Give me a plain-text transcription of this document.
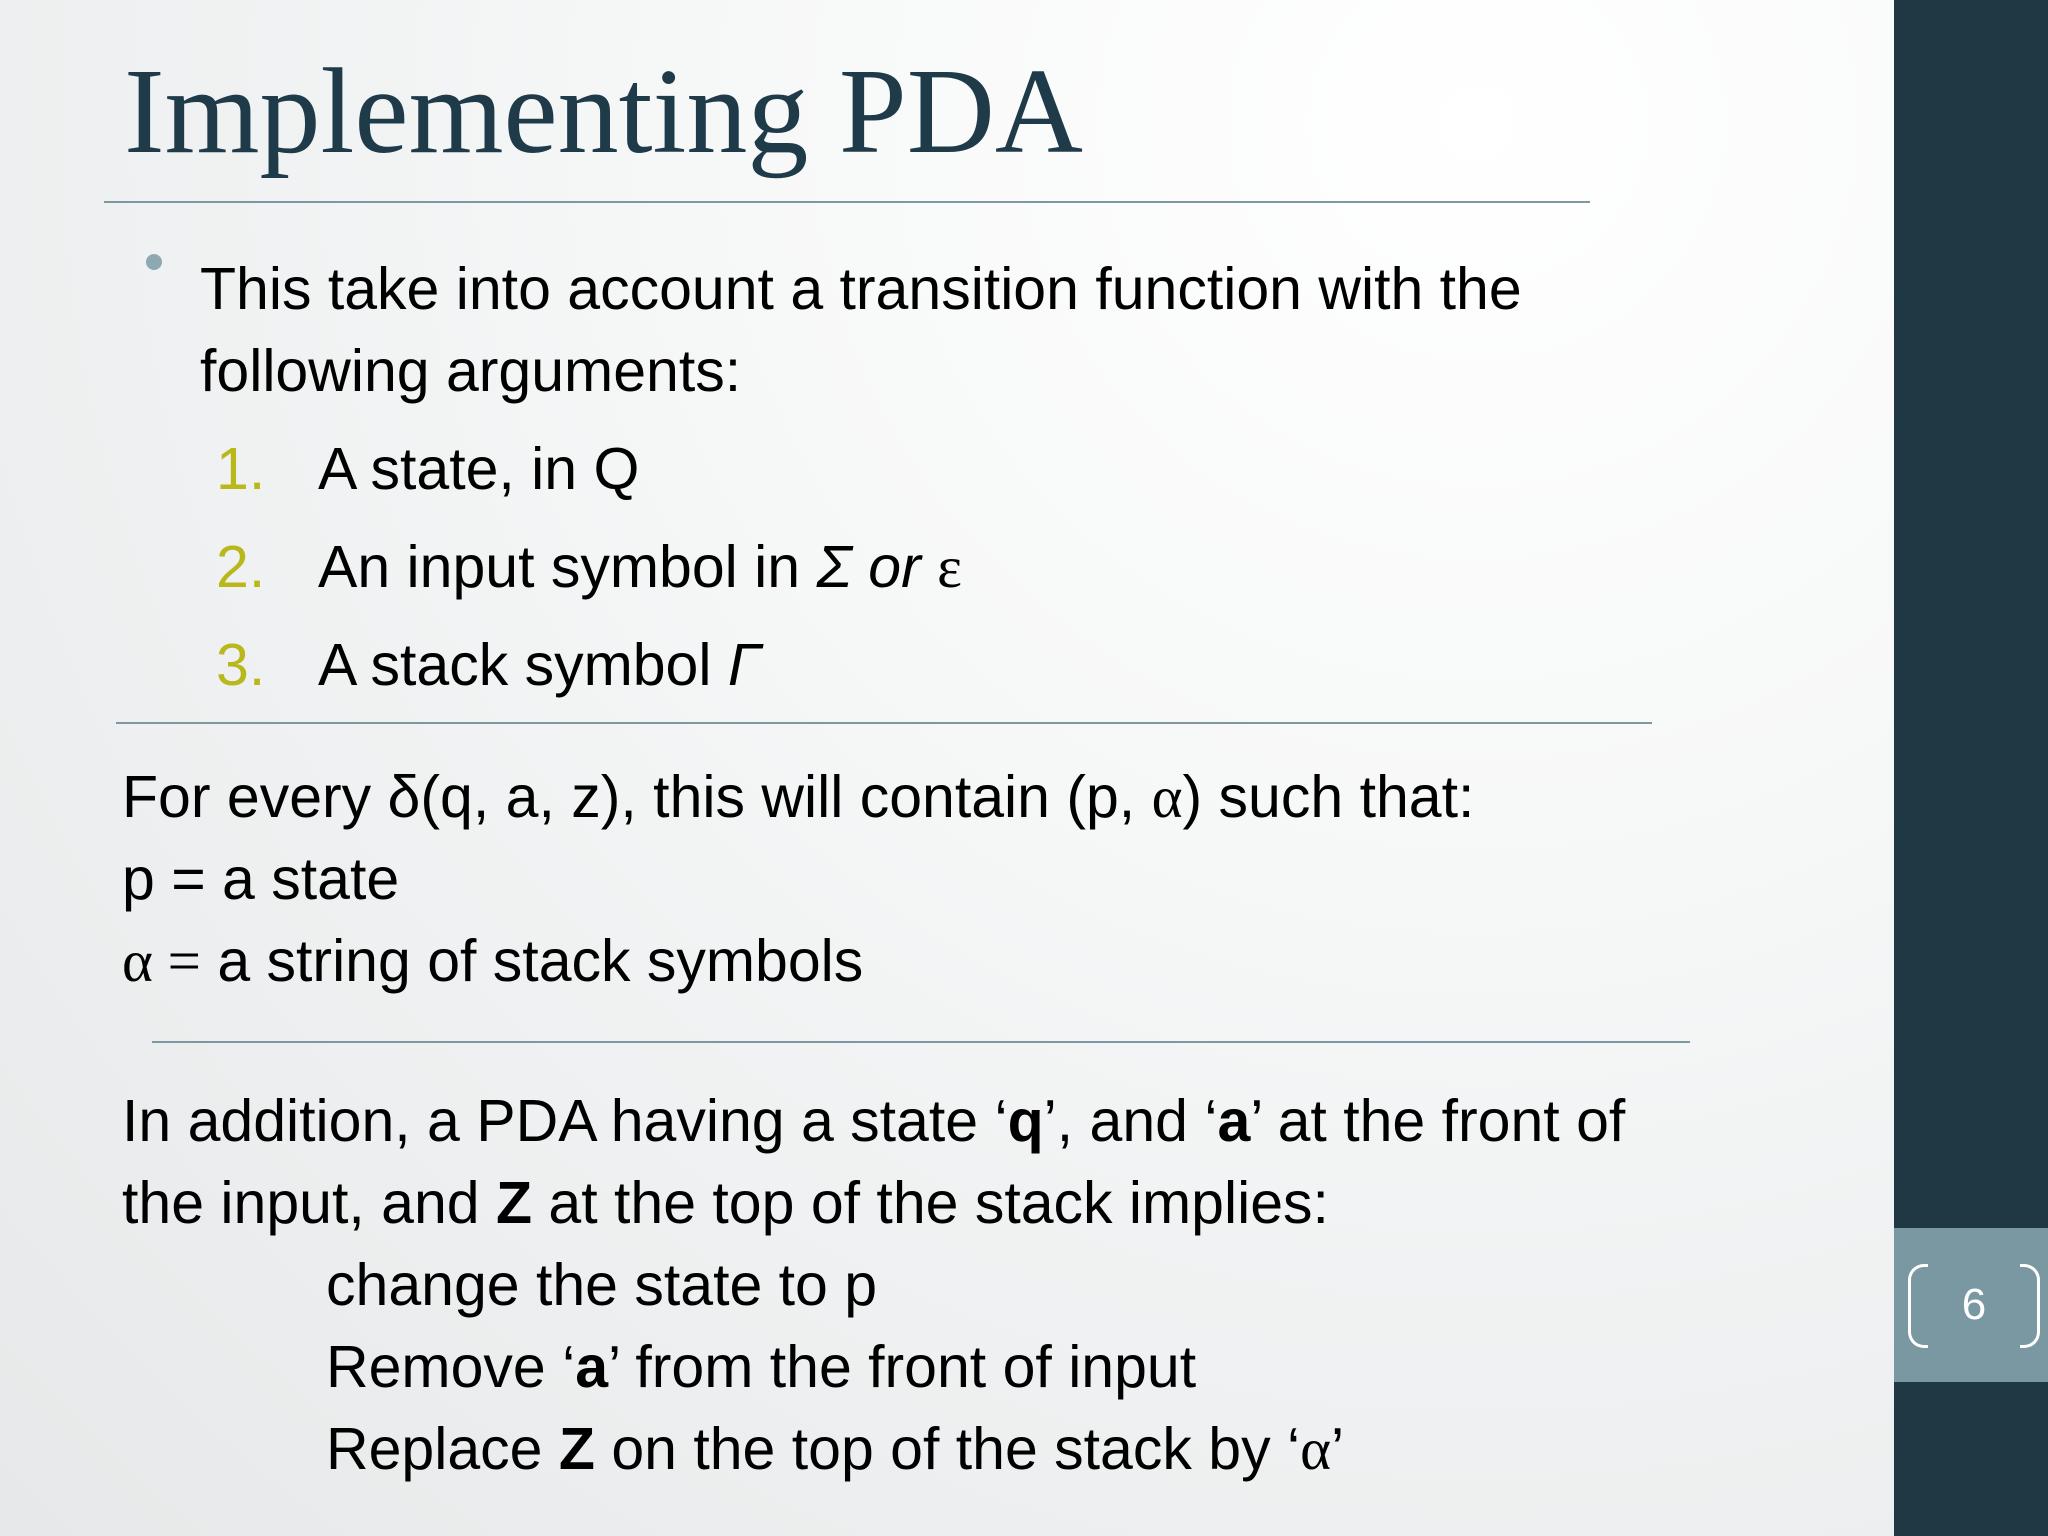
Implementing PDA
This take into account a transition function with the
following arguments:
1. A state, in Q
2. An input symbol in Σ or ε
3. A stack symbol Γ
For every δ(q, a, z), this will contain (p, α) such that:
p = a state
α = a string of stack symbols
In addition, a PDA having a state ‘q’, and ‘a’ at the front of
the input, and Z at the top of the stack implies:
change the state to p
Remove ‘a’ from the front of input
Replace Z on the top of the stack by ‘α’
6
